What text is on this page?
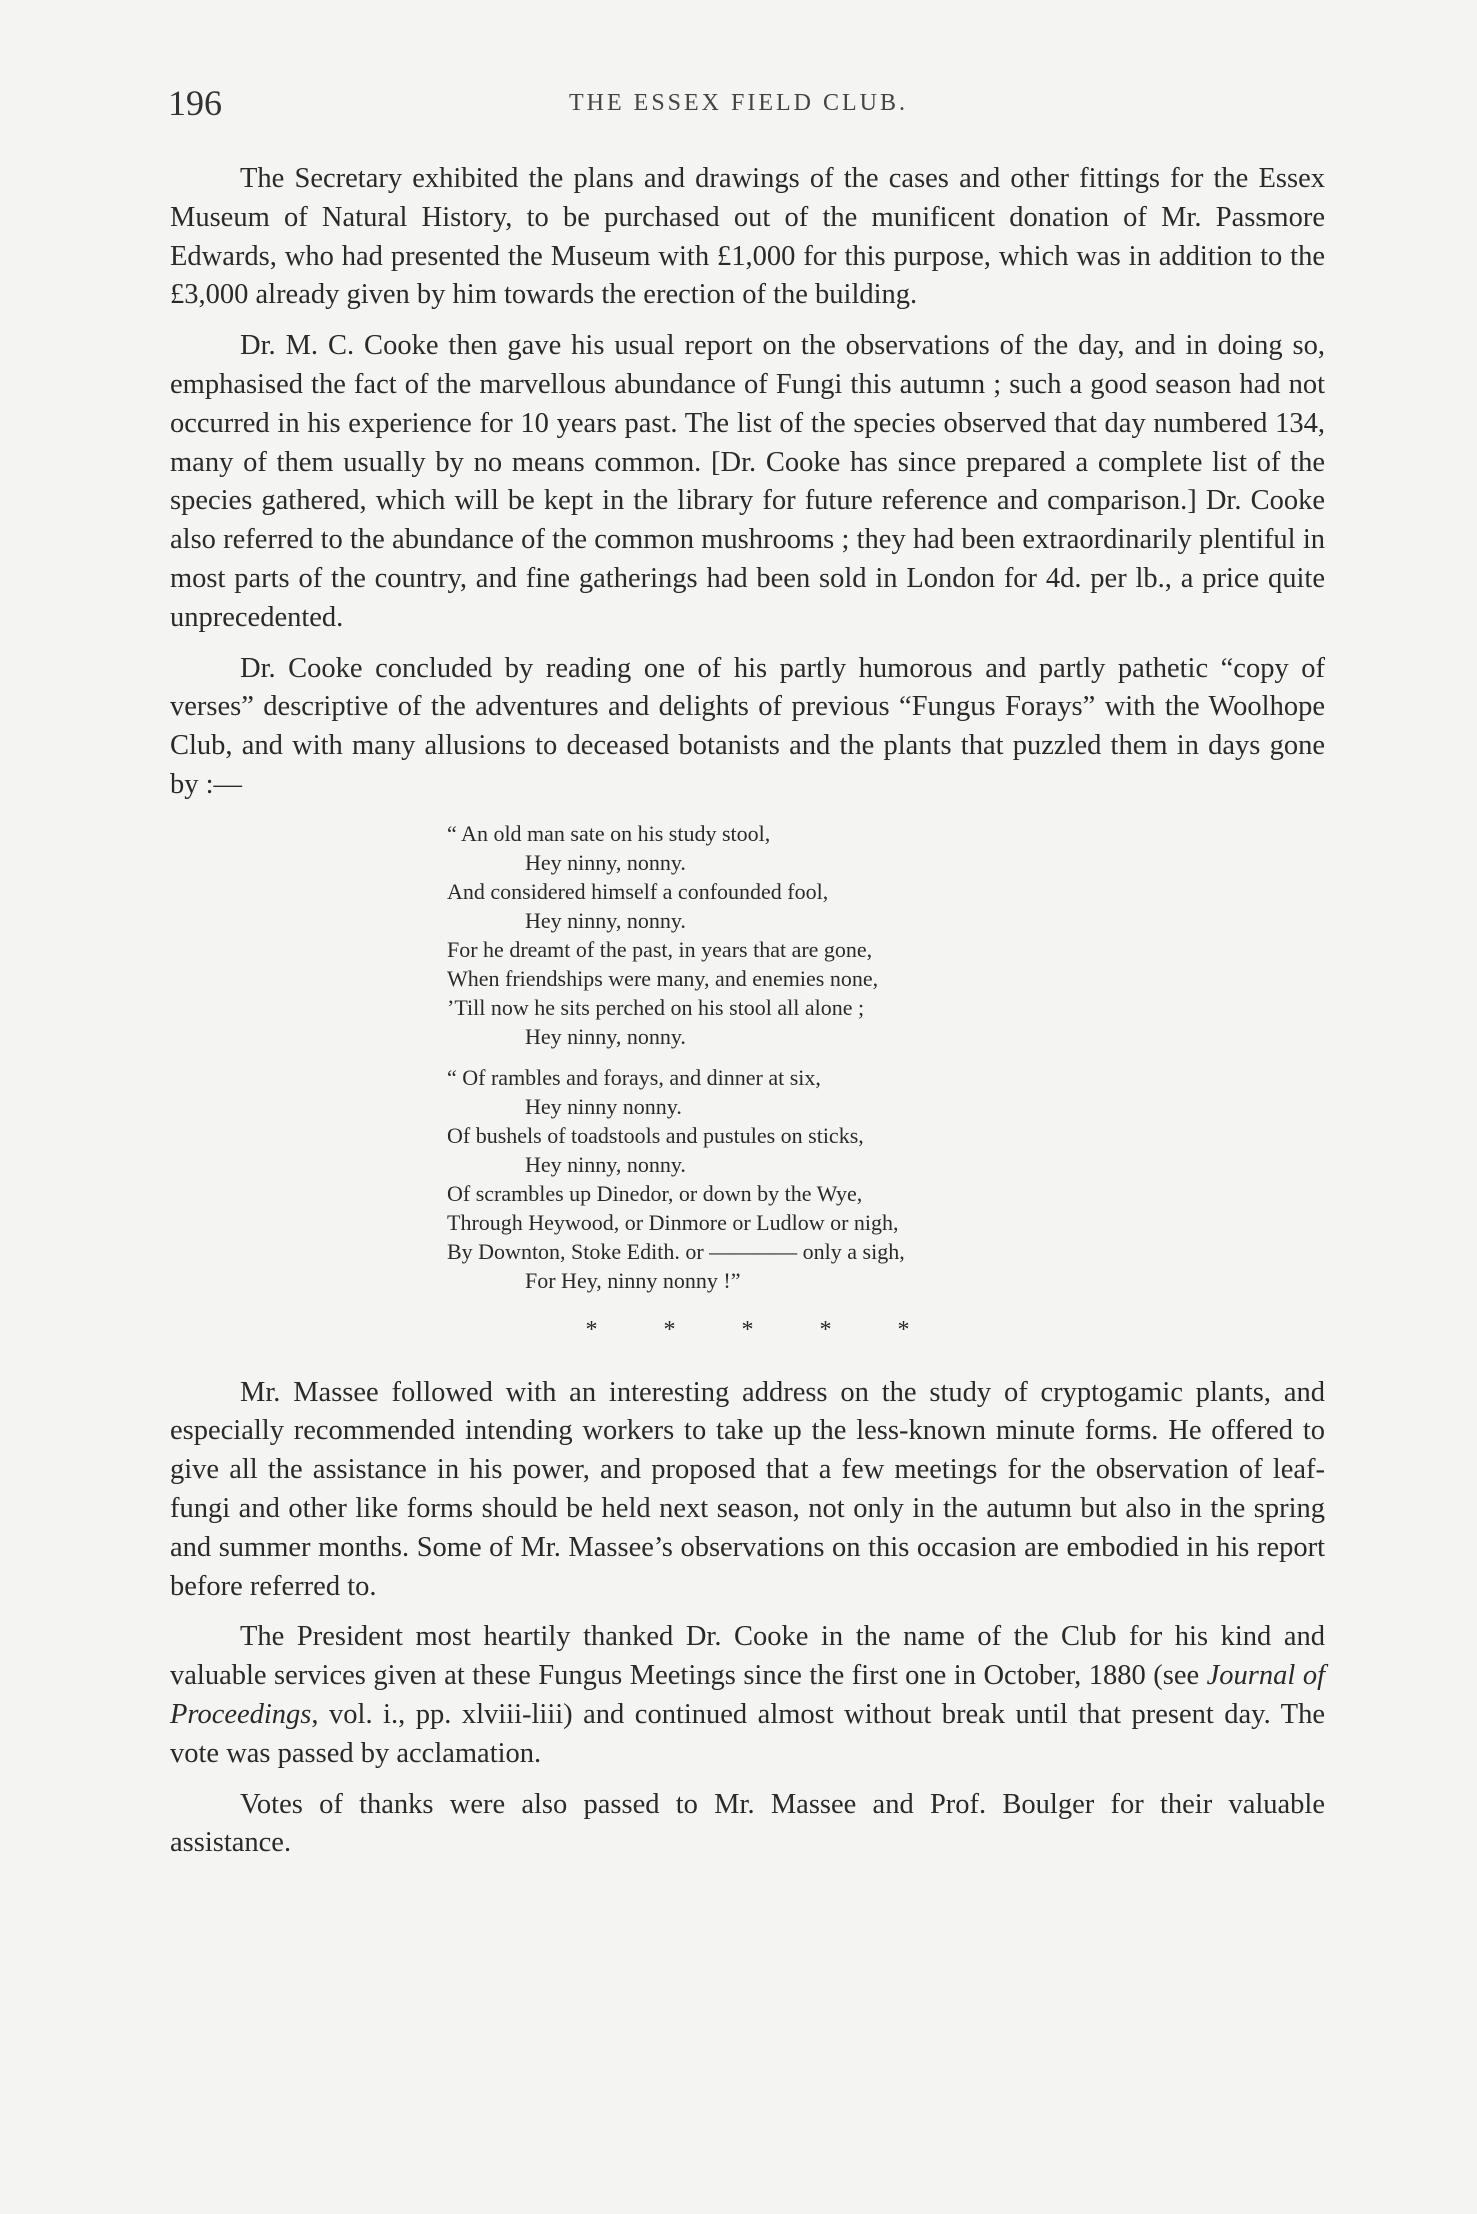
196	THE ESSEX FIELD CLUB.

The Secretary exhibited the plans and drawings of the cases and other fittings for the Essex Museum of Natural History, to be purchased out of the munificent donation of Mr. Passmore Edwards, who had presented the Museum with £1,000 for this purpose, which was in addition to the £3,000 already given by him towards the erection of the building.

Dr. M. C. Cooke then gave his usual report on the observations of the day, and in doing so, emphasised the fact of the marvellous abundance of Fungi this autumn ; such a good season had not occurred in his experience for 10 years past. The list of the species observed that day numbered 134, many of them usually by no means common. [Dr. Cooke has since prepared a complete list of the species gathered, which will be kept in the library for future reference and comparison.] Dr. Cooke also referred to the abundance of the common mushrooms ; they had been extraordinarily plentiful in most parts of the country, and fine gatherings had been sold in London for 4d. per lb., a price quite unprecedented.

Dr. Cooke concluded by reading one of his partly humorous and partly pathetic “copy of verses” descriptive of the adventures and delights of previous “Fungus Forays” with the Woolhope Club, and with many allusions to deceased botanists and the plants that puzzled them in days gone by :—

“ An old man sate on his study stool,
Hey ninny, nonny.
And considered himself a confounded fool,
Hey ninny, nonny.
For he dreamt of the past, in years that are gone,
When friendships were many, and enemies none,
’Till now he sits perched on his stool all alone ;
Hey ninny, nonny.
“ Of rambles and forays, and dinner at six,
Hey ninny nonny.
Of bushels of toadstools and pustules on sticks,
Hey ninny, nonny.
Of scrambles up Dinedor, or down by the Wye,
Through Heywood, or Dinmore or Ludlow or nigh,
By Downton, Stoke Edith. or ———— only a sigh,
For Hey, ninny nonny !”
* * * * *

Mr. Massee followed with an interesting address on the study of cryptogamic plants, and especially recommended intending workers to take up the less-known minute forms. He offered to give all the assistance in his power, and proposed that a few meetings for the observation of leaf-fungi and other like forms should be held next season, not only in the autumn but also in the spring and summer months. Some of Mr. Massee’s observations on this occasion are embodied in his report before referred to.

The President most heartily thanked Dr. Cooke in the name of the Club for his kind and valuable services given at these Fungus Meetings since the first one in October, 1880 (see Journal of Proceedings, vol. i., pp. xlviii-liii) and continued almost without break until that present day. The vote was passed by acclamation.

Votes of thanks were also passed to Mr. Massee and Prof. Boulger for their valuable assistance.
